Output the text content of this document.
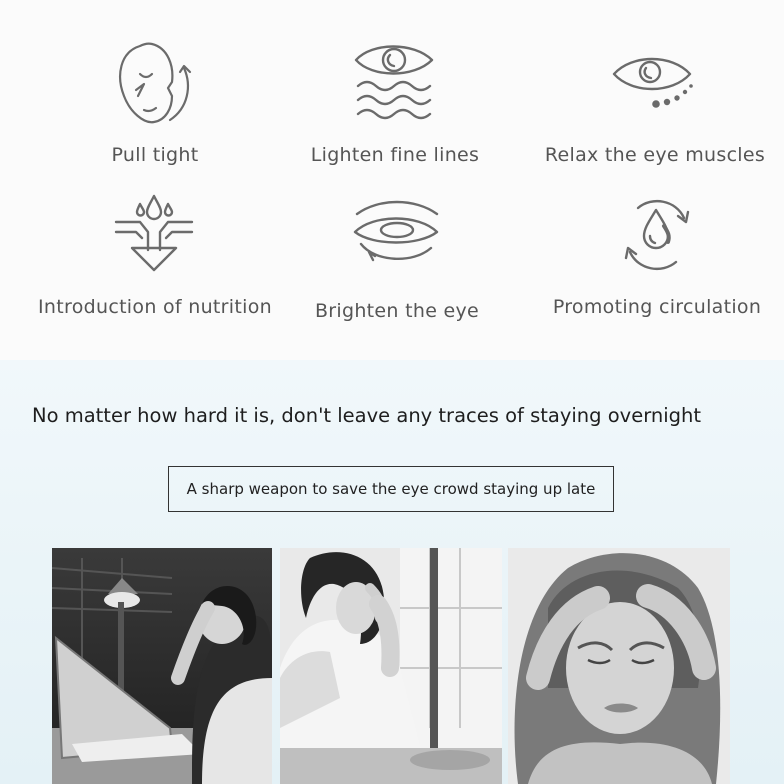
Pull tight	Lighten fine lines	Relax the eye muscles
Introduction of nutrition	Brighten the eye	Promoting circulation
No matter how hard it is, don't leave any traces of staying overnight
A sharp weapon to save the eye crowd staying up late
